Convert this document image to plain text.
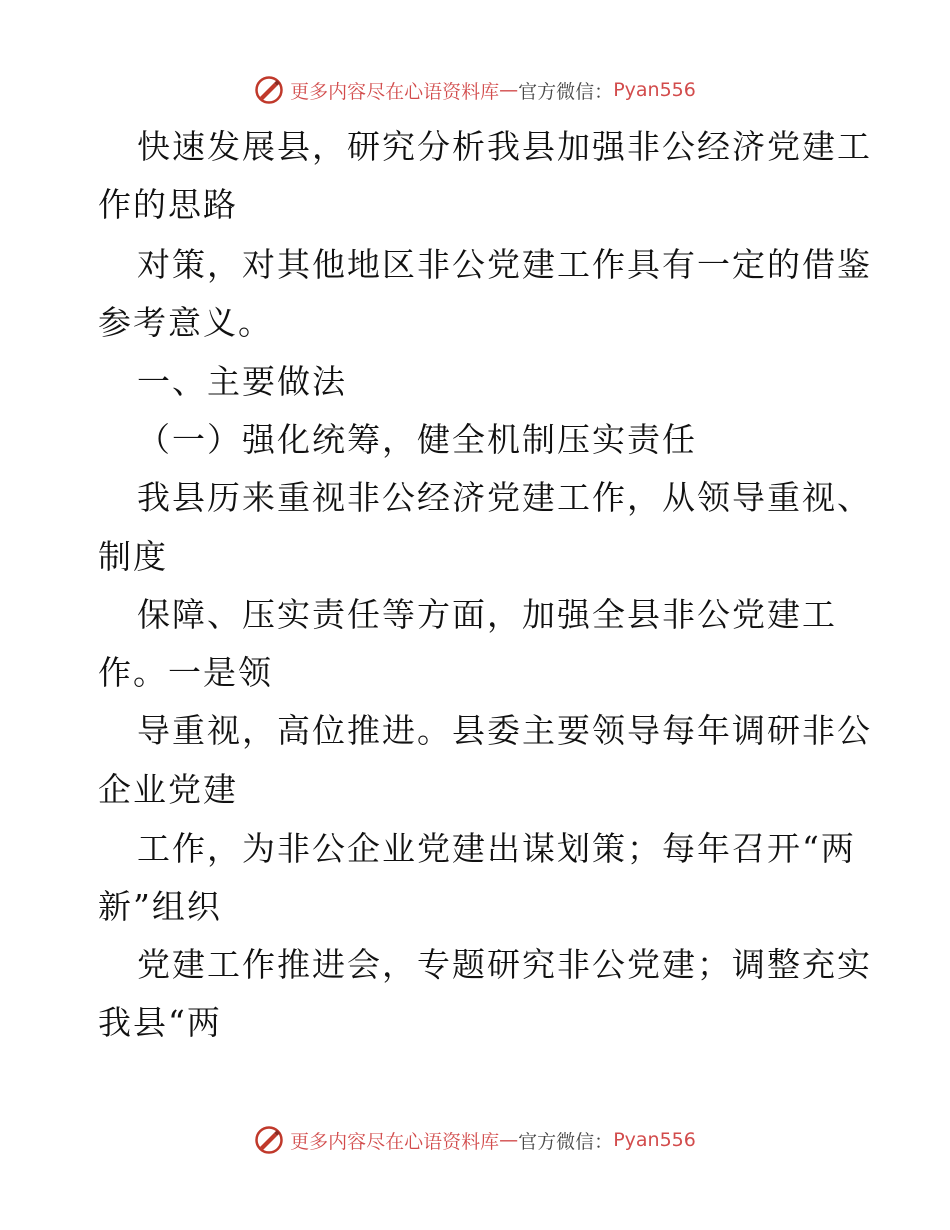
更多内容尽在心语资料库 — 官方微信： Pyan556
快速发展县，研究分析我县加强非公经济党建工
作的思路
对策，对其他地区非公党建工作具有一定的借鉴
参考意义。
一、主要做法
（一）强化统筹，健全机制压实责任
我县历来重视非公经济党建工作，从领导重视、
制度
保障、压实责任等方面，加强全县非公党建工
作。一是领
导重视，高位推进。县委主要领导每年调研非公
企业党建
工作，为非公企业党建出谋划策；每年召开“两
新”组织
党建工作推进会，专题研究非公党建；调整充实
我县“两
更多内容尽在心语资料库 — 官方微信： Pyan556
